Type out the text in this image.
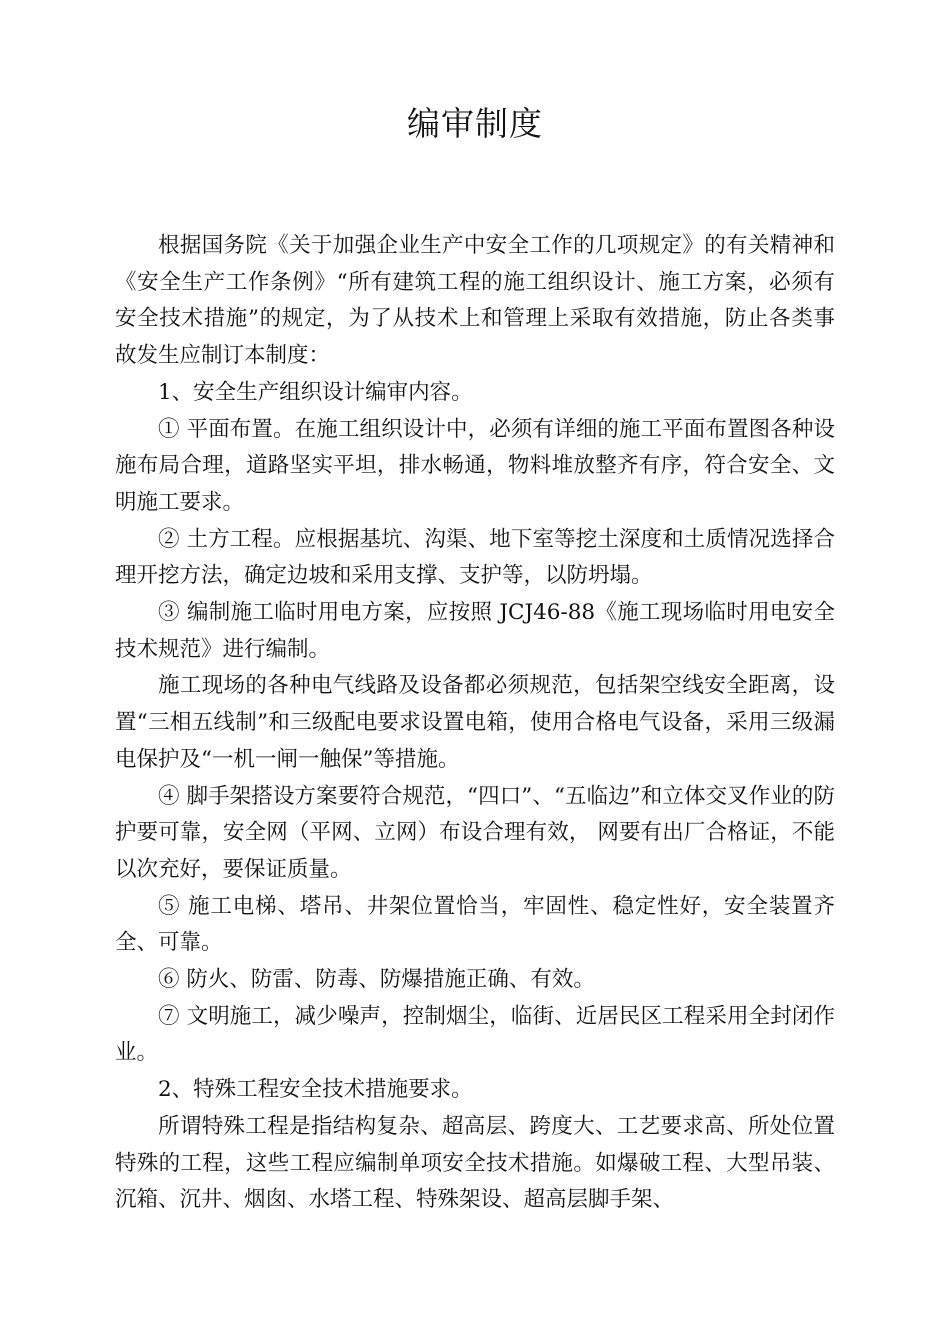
编审制度

根据国务院《关于加强企业生产中安全工作的几项规定》的有关精神和《安全生产工作条例》“所有建筑工程的施工组织设计、施工方案，必须有安全技术措施”的规定，为了从技术上和管理上采取有效措施，防止各类事故发生应制订本制度：

1、安全生产组织设计编审内容。

① 平面布置。在施工组织设计中，必须有详细的施工平面布置图各种设施布局合理，道路坚实平坦，排水畅通，物料堆放整齐有序，符合安全、文明施工要求。

② 土方工程。应根据基坑、沟渠、地下室等挖土深度和土质情况选择合理开挖方法，确定边坡和采用支撑、支护等，以防坍塌。

③ 编制施工临时用电方案，应按照 JCJ46-88《施工现场临时用电安全技术规范》进行编制。

施工现场的各种电气线路及设备都必须规范，包括架空线安全距离，设置“三相五线制”和三级配电要求设置电箱，使用合格电气设备，采用三级漏电保护及“一机一闸一触保”等措施。

④ 脚手架搭设方案要符合规范，“四口”、“五临边”和立体交叉作业的防护要可靠，安全网（平网、立网）布设合理有效， 网要有出厂合格证，不能以次充好，要保证质量。

⑤ 施工电梯、塔吊、井架位置恰当，牢固性、稳定性好，安全装置齐全、可靠。

⑥ 防火、防雷、防毒、防爆措施正确、有效。

⑦ 文明施工，减少噪声，控制烟尘，临街、近居民区工程采用全封闭作业。

2、特殊工程安全技术措施要求。

所谓特殊工程是指结构复杂、超高层、跨度大、工艺要求高、所处位置特殊的工程，这些工程应编制单项安全技术措施。如爆破工程、大型吊装、沉箱、沉井、烟囱、水塔工程、特殊架设、超高层脚手架、
